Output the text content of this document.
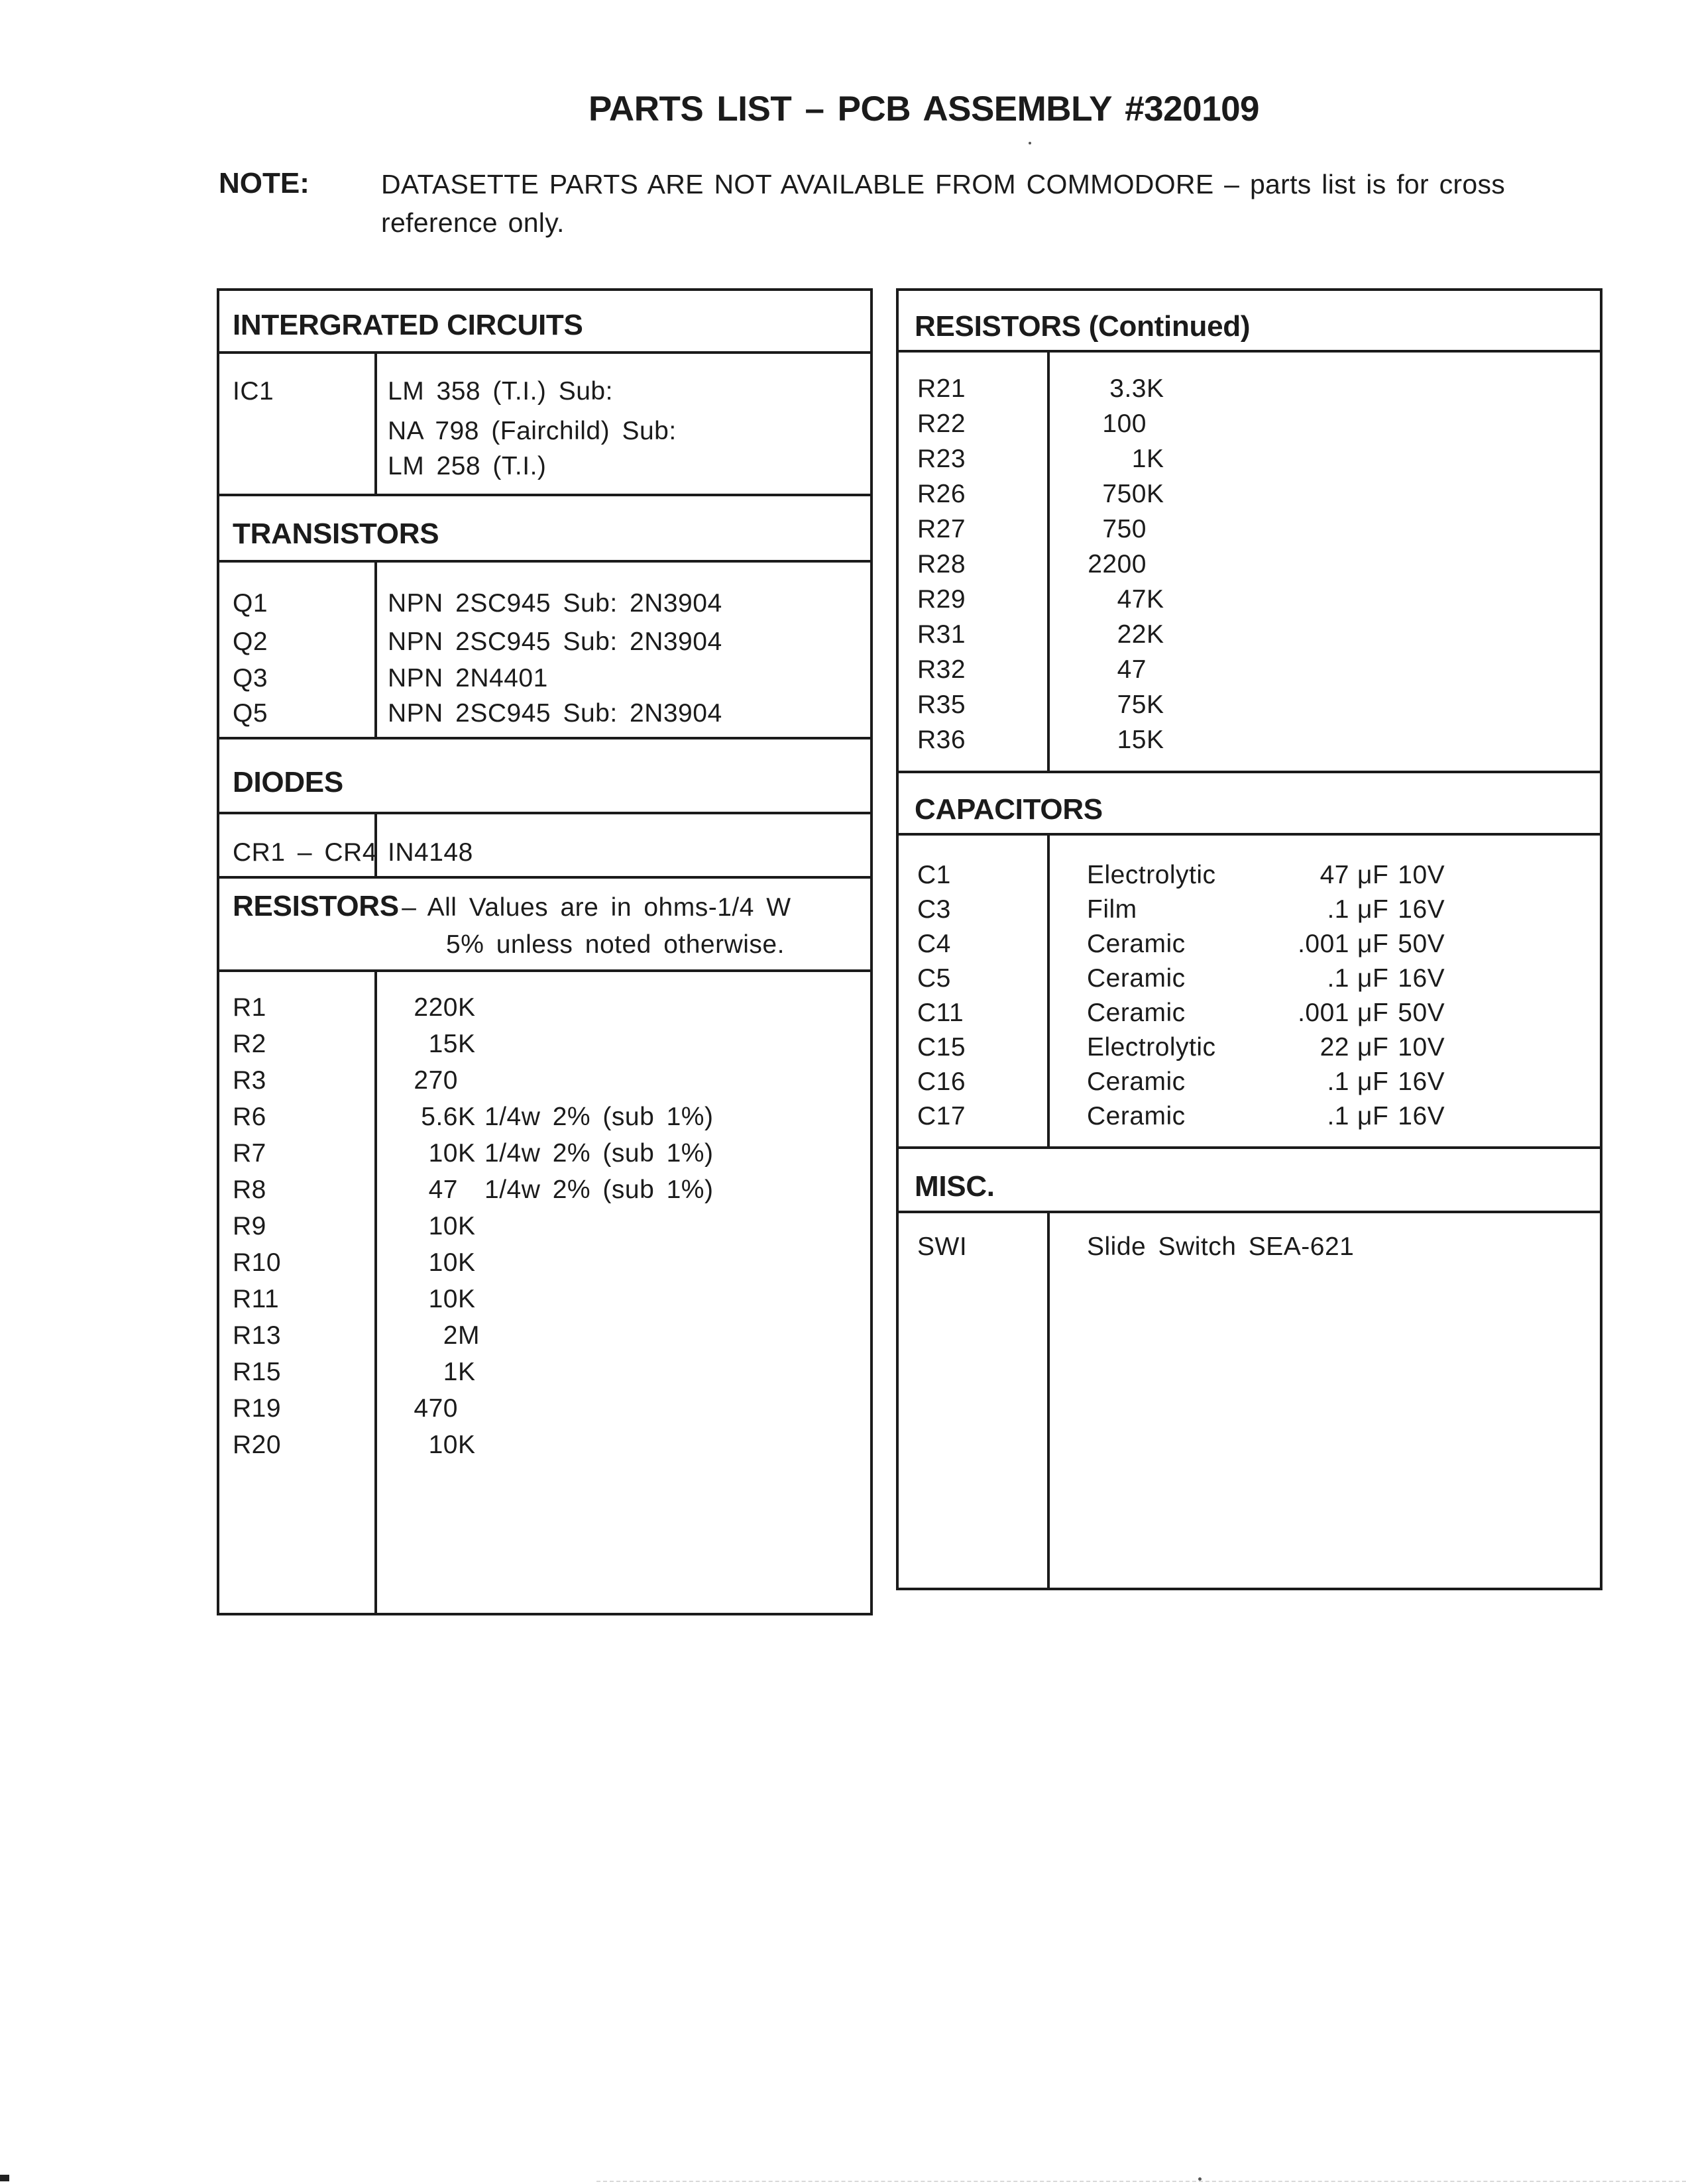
PARTS LIST – PCB ASSEMBLY #320109
NOTE:	DATASETTE PARTS ARE NOT AVAILABLE FROM COMMODORE – parts list is for cross
reference only.
INTERGRATED CIRCUITS
IC1	LM 358 (T.I.) Sub:
NA 798 (Fairchild) Sub:
LM 258 (T.I.)
TRANSISTORS
Q1	NPN 2SC945 Sub: 2N3904
Q2	NPN 2SC945 Sub: 2N3904
Q3	NPN 2N4401
Q5	NPN 2SC945 Sub: 2N3904
DIODES
CR1 – CR4 IN4148
RESISTORS – All Values are in ohms-1/4 W
5% unless noted otherwise.
R1	220K
R2	15K
R3	270
R6	5.6K 1/4w 2% (sub 1%)
R7	10K 1/4w 2% (sub 1%)
R8	47 1/4w 2% (sub 1%)
R9	10K
R10	10K
R11	10K
R13	2M
R15	1K
R19	470
R20	10K
RESISTORS (Continued)
R21	3.3K
R22	100
R23	1K
R26	750K
R27	750
R28	2200
R29	47K
R31	22K
R32	47
R35	75K
R36	15K
CAPACITORS
C1	Electrolytic	47 μF 10V
C3	Film	.1 μF 16V
C4	Ceramic	.001 μF 50V
C5	Ceramic	.1 μF 16V
C11	Ceramic	.001 μF 50V
C15	Electrolytic	22 μF 10V
C16	Ceramic	.1 μF 16V
C17	Ceramic	.1 μF 16V
MISC.
SWI	Slide Switch SEA-621
